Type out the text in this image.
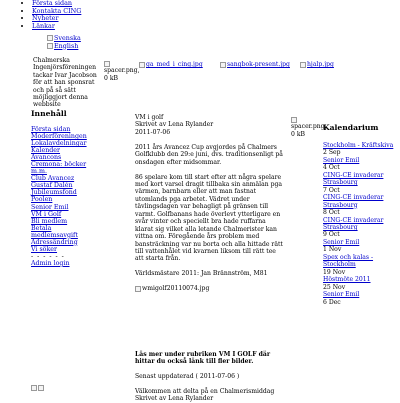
• Första sidan
• Kontakta CING
• Nyheter
• Länkar
Svenska
English
Chalmerska Ingenjörsföreningen tackar Ivar Jacobson för att han sponsrat och på så sätt möjliggjort denna webbsite
spacer.png, 0 kB
ga_med_i_cing.jpg	sangbok-present.jpg	hjalp.jpg
Innehåll
Första sidan
Moderföreningen
Lokalavdelningar
Kalender
Avancons
Cremona: böcker m.m.
Club Avancez
Gustaf Dalén
Jubileumsfond
Poolen
Senior Emil
VM i Golf
Bli medlem
Betala medlemsavgift
Adressändring
Vi söker
- - - - - -
Admin login

VM i golf

Skrivet av Lena Rylander

2011-07-06

2011 års Avancez Cup avgjordes på Chalmers Golfklubb den 29:e juni, dvs. traditionsenligt på onsdagen efter midsommar.

86 spelare kom till start efter att några spelare med kort varsel dragit tillbaka sin anmälan pga värmen, barnbarn eller att man fastnat utomlands pga arbetet. Vädret under tävlingsdagen var behagligt på gränsen till varmt. Golfbanans hade överlevt ytterligare en svår vinter och speciellt bra hade ruffarna klarat sig vilket alla letande Chalmerister kan vittna om. Föregående års problem med bansträckning var nu borta och alla hittade rätt till vattenhålet vid kvarnen liksom till rätt tee att starta från.

Världsmästare 2011: Jan Brännström, M81

wmigolf20110074.jpg

Läs mer under rubriken VM I GOLF där hittar du också länk till fler bilder.

Senast uppdaterad ( 2011-07-06 )

Välkommen att delta på en Chalmerismiddag

Skrivet av Lena Rylander

spacer.png, 0 kB
Kalendarium
Stockholm - Kräftskiva
2 Sep
Senior Emil
4 Oct
CING-CE invaderar Strasbourg
7 Oct
CING-CE invaderar Strasbourg
8 Oct
CING-CE invaderar Strasbourg
9 Oct
Senior Emil
1 Nov
Spex och kalas - Stockholm
19 Nov
Höstmöte 2011
25 Nov
Senior Emil
6 Dec
